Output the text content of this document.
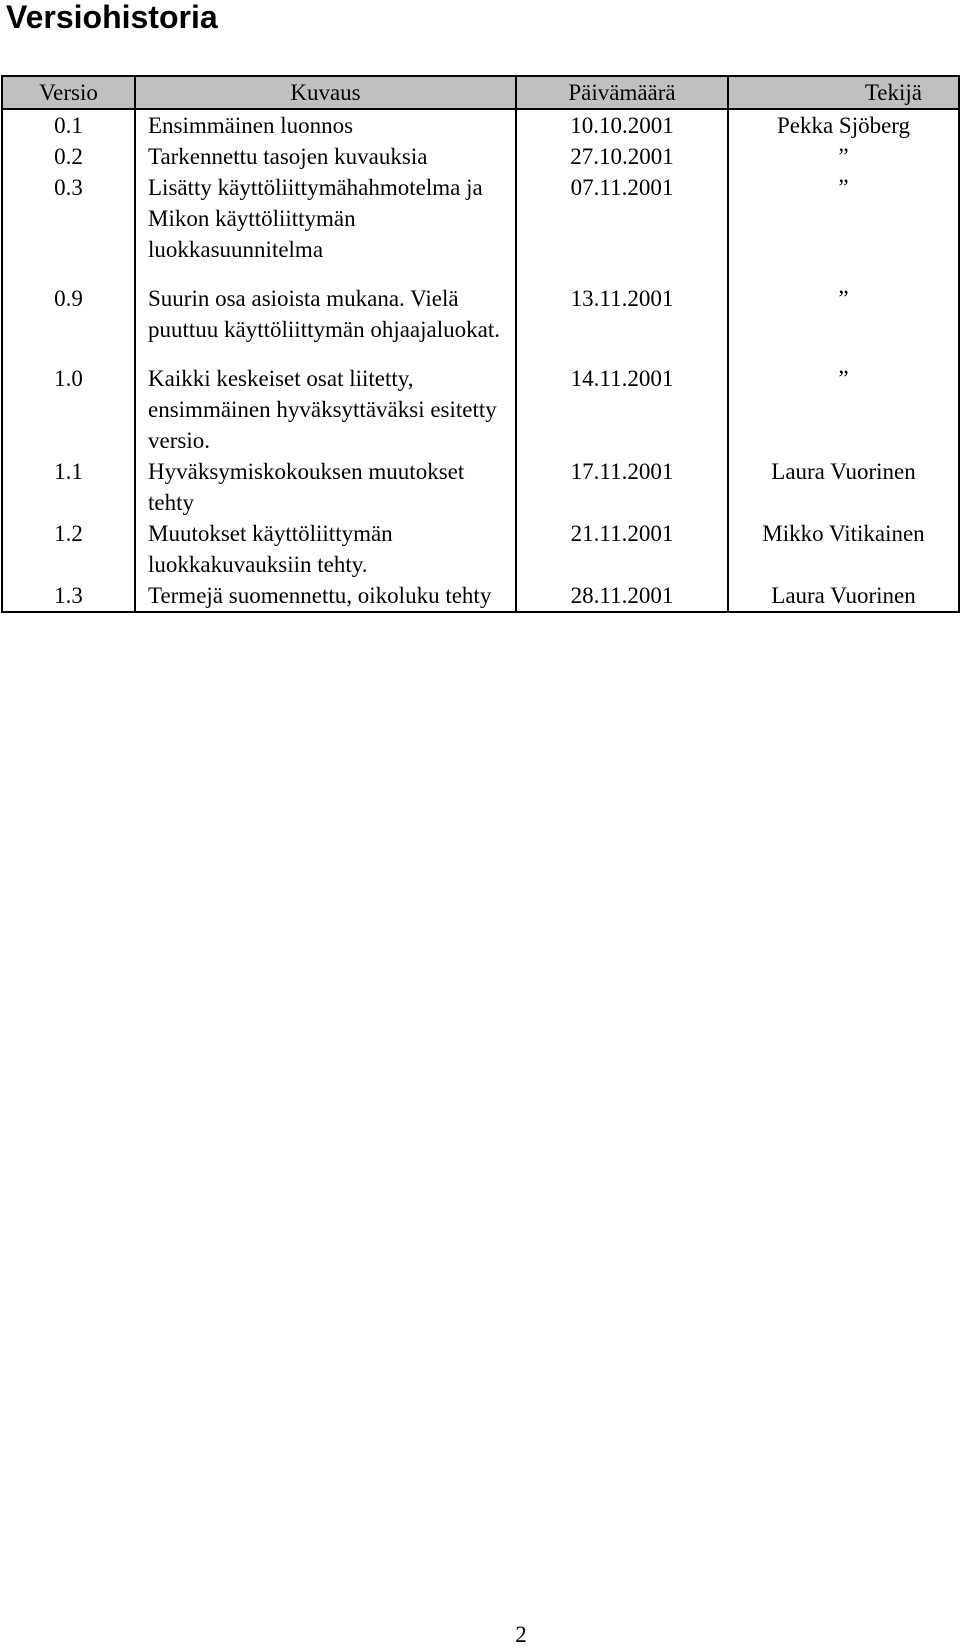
Versiohistoria
Versio	Kuvaus	Päivämäärä	Tekijä
0.1	Ensimmäinen luonnos	10.10.2001	Pekka Sjöberg
0.2	Tarkennettu tasojen kuvauksia	27.10.2001	”
0.3	Lisätty käyttöliittymähahmotelma ja Mikon käyttöliittymän luokkasuunnitelma	07.11.2001	”
0.9	Suurin osa asioista mukana. Vielä puuttuu käyttöliittymän ohjaajaluokat.	13.11.2001	”
1.0	Kaikki keskeiset osat liitetty, ensimmäinen hyväksyttäväksi esitetty versio.	14.11.2001	”
1.1	Hyväksymiskokouksen muutokset tehty	17.11.2001	Laura Vuorinen
1.2	Muutokset käyttöliittymän luokkakuvauksiin tehty.	21.11.2001	Mikko Vitikainen
1.3	Termejä suomennettu, oikoluku tehty	28.11.2001	Laura Vuorinen
2
